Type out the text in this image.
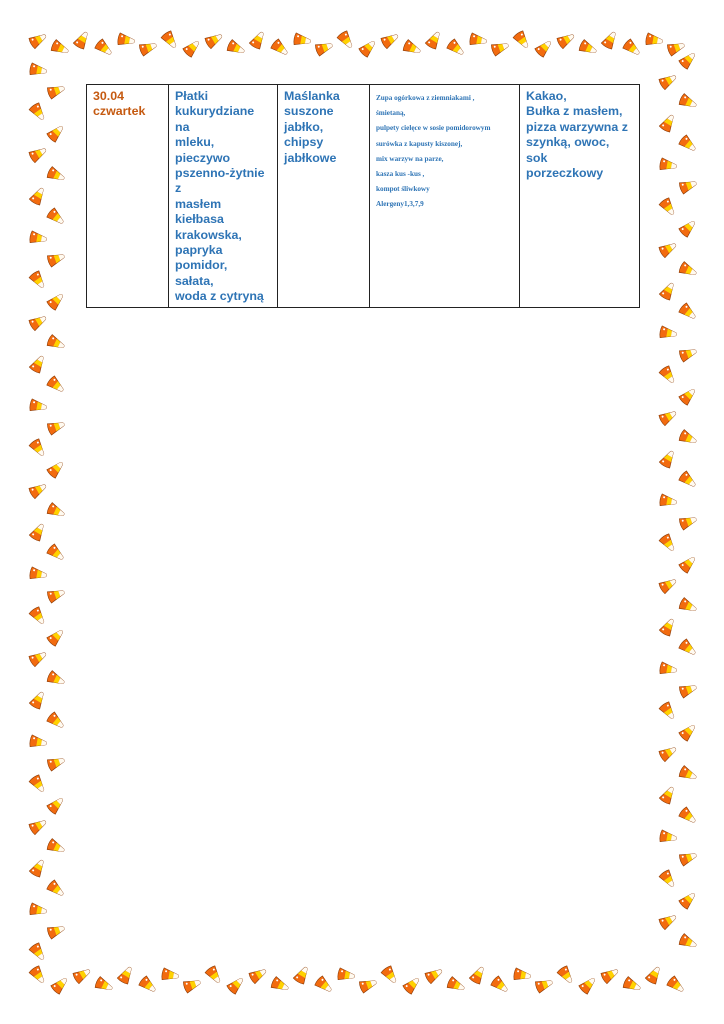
30.04
czwartek

Płatki
kukurydziane na
mleku,
pieczywo
pszenno-żytnie z
masłem
kiełbasa
krakowska,
papryka pomidor,
sałata,
woda z cytryną

Maślanka
suszone
jabłko,
chipsy
jabłkowe

Zupa ogórkowa z ziemniakami ,
śmietaną,
pulpety cielęce w sosie pomidorowym
surówka z kapusty kiszonej,
mix warzyw na parze,
kasza kus -kus ,
kompot śliwkowy
Alergeny1,3,7,9

Kakao,
Bułka z masłem,
pizza warzywna z
szynką, owoc, sok
porzeczkowy
